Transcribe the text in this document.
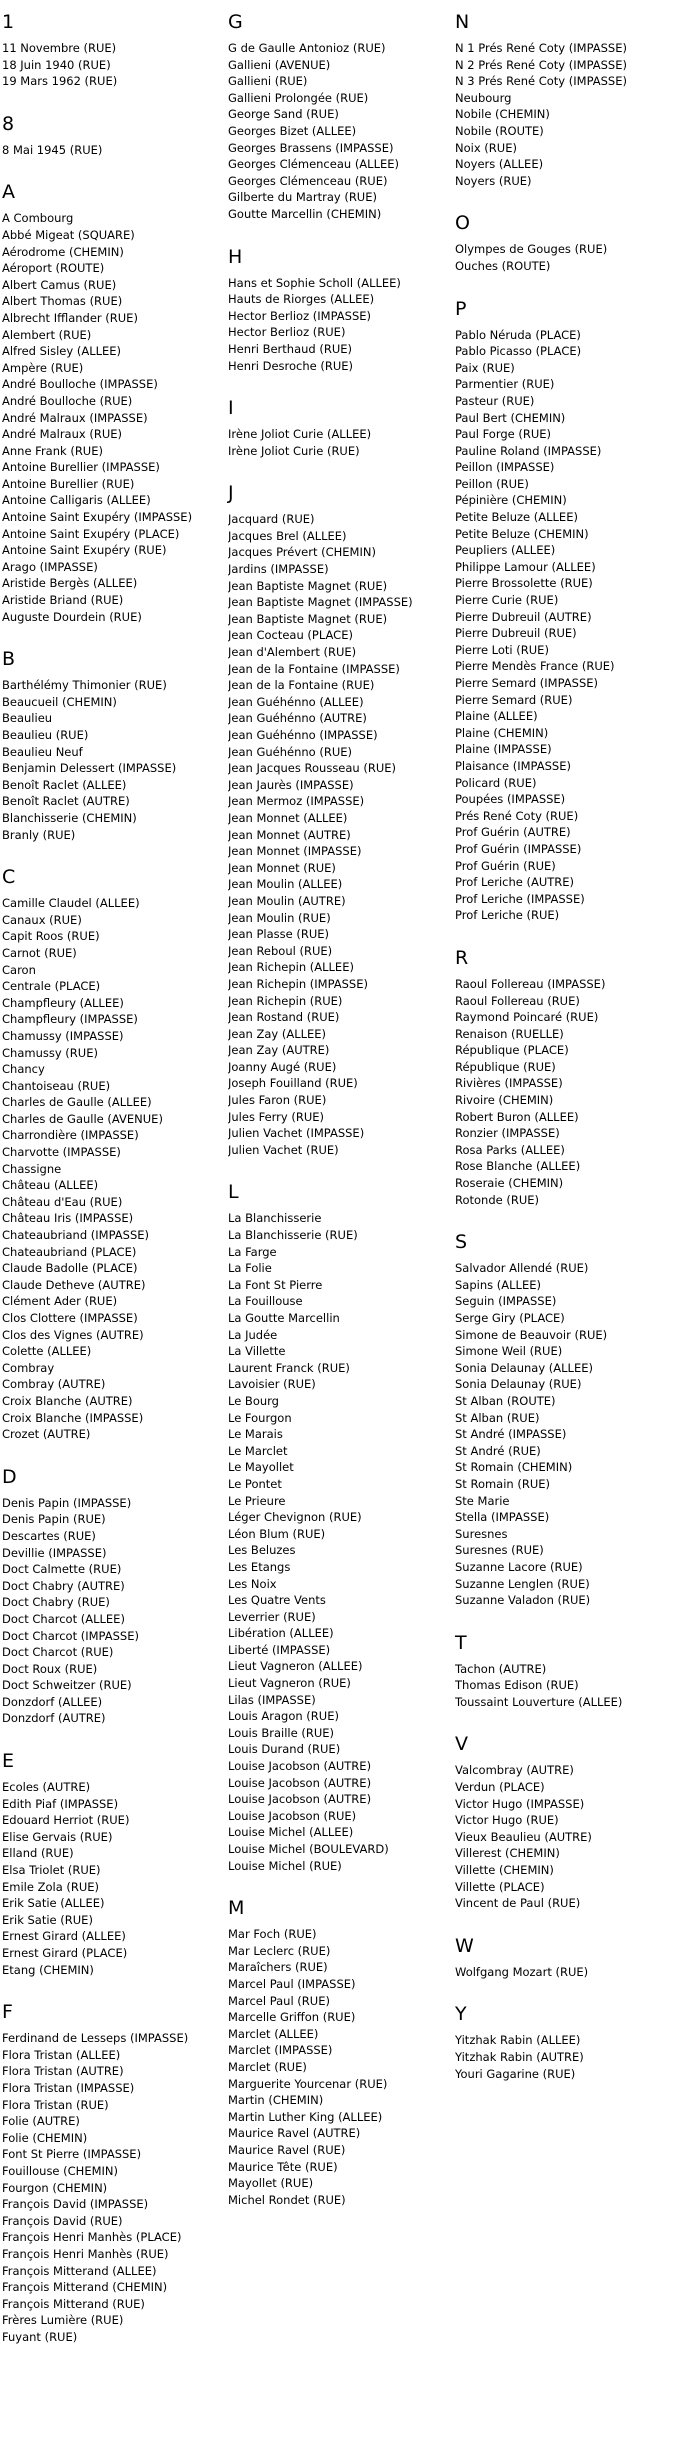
1
11 Novembre (RUE)
18 Juin 1940 (RUE)
19 Mars 1962 (RUE)
8
8 Mai 1945 (RUE)
A
A Combourg
Abbé Migeat (SQUARE)
Aérodrome (CHEMIN)
Aéroport (ROUTE)
Albert Camus (RUE)
Albert Thomas (RUE)
Albrecht Ifflander (RUE)
Alembert (RUE)
Alfred Sisley (ALLEE)
Ampère (RUE)
André Boulloche (IMPASSE)
André Boulloche (RUE)
André Malraux (IMPASSE)
André Malraux (RUE)
Anne Frank (RUE)
Antoine Burellier (IMPASSE)
Antoine Burellier (RUE)
Antoine Calligaris (ALLEE)
Antoine Saint Exupéry (IMPASSE)
Antoine Saint Exupéry (PLACE)
Antoine Saint Exupéry (RUE)
Arago (IMPASSE)
Aristide Bergès (ALLEE)
Aristide Briand (RUE)
Auguste Dourdein (RUE)
B
Barthélémy Thimonier (RUE)
Beaucueil (CHEMIN)
Beaulieu
Beaulieu (RUE)
Beaulieu Neuf
Benjamin Delessert (IMPASSE)
Benoît Raclet (ALLEE)
Benoît Raclet (AUTRE)
Blanchisserie (CHEMIN)
Branly (RUE)
C
Camille Claudel (ALLEE)
Canaux (RUE)
Capit Roos (RUE)
Carnot (RUE)
Caron
Centrale (PLACE)
Champfleury (ALLEE)
Champfleury (IMPASSE)
Chamussy (IMPASSE)
Chamussy (RUE)
Chancy
Chantoiseau (RUE)
Charles de Gaulle (ALLEE)
Charles de Gaulle (AVENUE)
Charrondière (IMPASSE)
Charvotte (IMPASSE)
Chassigne
Château (ALLEE)
Château d'Eau (RUE)
Château Iris (IMPASSE)
Chateaubriand (IMPASSE)
Chateaubriand (PLACE)
Claude Badolle (PLACE)
Claude Detheve (AUTRE)
Clément Ader (RUE)
Clos Clottere (IMPASSE)
Clos des Vignes (AUTRE)
Colette (ALLEE)
Combray
Combray (AUTRE)
Croix Blanche (AUTRE)
Croix Blanche (IMPASSE)
Crozet (AUTRE)
D
Denis Papin (IMPASSE)
Denis Papin (RUE)
Descartes (RUE)
Devillie (IMPASSE)
Doct Calmette (RUE)
Doct Chabry (AUTRE)
Doct Chabry (RUE)
Doct Charcot (ALLEE)
Doct Charcot (IMPASSE)
Doct Charcot (RUE)
Doct Roux (RUE)
Doct Schweitzer (RUE)
Donzdorf (ALLEE)
Donzdorf (AUTRE)
E
Ecoles (AUTRE)
Edith Piaf (IMPASSE)
Edouard Herriot (RUE)
Elise Gervais (RUE)
Elland (RUE)
Elsa Triolet (RUE)
Emile Zola (RUE)
Erik Satie (ALLEE)
Erik Satie (RUE)
Ernest Girard (ALLEE)
Ernest Girard (PLACE)
Etang (CHEMIN)
F
Ferdinand de Lesseps (IMPASSE)
Flora Tristan (ALLEE)
Flora Tristan (AUTRE)
Flora Tristan (IMPASSE)
Flora Tristan (RUE)
Folie (AUTRE)
Folie (CHEMIN)
Font St Pierre (IMPASSE)
Fouillouse (CHEMIN)
Fourgon (CHEMIN)
François David (IMPASSE)
François David (RUE)
François Henri Manhès (PLACE)
François Henri Manhès (RUE)
François Mitterand (ALLEE)
François Mitterand (CHEMIN)
François Mitterand (RUE)
Frères Lumière (RUE)
Fuyant (RUE)
G
G de Gaulle Antonioz (RUE)
Gallieni (AVENUE)
Gallieni (RUE)
Gallieni Prolongée (RUE)
George Sand (RUE)
Georges Bizet (ALLEE)
Georges Brassens (IMPASSE)
Georges Clémenceau (ALLEE)
Georges Clémenceau (RUE)
Gilberte du Martray (RUE)
Goutte Marcellin (CHEMIN)
H
Hans et Sophie Scholl (ALLEE)
Hauts de Riorges (ALLEE)
Hector Berlioz (IMPASSE)
Hector Berlioz (RUE)
Henri Berthaud (RUE)
Henri Desroche (RUE)
I
Irène Joliot Curie (ALLEE)
Irène Joliot Curie (RUE)
J
Jacquard (RUE)
Jacques Brel (ALLEE)
Jacques Prévert (CHEMIN)
Jardins (IMPASSE)
Jean Baptiste Magnet (RUE)
Jean Baptiste Magnet (IMPASSE)
Jean Baptiste Magnet (RUE)
Jean Cocteau (PLACE)
Jean d'Alembert (RUE)
Jean de la Fontaine (IMPASSE)
Jean de la Fontaine (RUE)
Jean Guéhénno (ALLEE)
Jean Guéhénno (AUTRE)
Jean Guéhénno (IMPASSE)
Jean Guéhénno (RUE)
Jean Jacques Rousseau (RUE)
Jean Jaurès (IMPASSE)
Jean Mermoz (IMPASSE)
Jean Monnet (ALLEE)
Jean Monnet (AUTRE)
Jean Monnet (IMPASSE)
Jean Monnet (RUE)
Jean Moulin (ALLEE)
Jean Moulin (AUTRE)
Jean Moulin (RUE)
Jean Plasse (RUE)
Jean Reboul (RUE)
Jean Richepin (ALLEE)
Jean Richepin (IMPASSE)
Jean Richepin (RUE)
Jean Rostand (RUE)
Jean Zay (ALLEE)
Jean Zay (AUTRE)
Joanny Augé (RUE)
Joseph Fouilland (RUE)
Jules Faron (RUE)
Jules Ferry (RUE)
Julien Vachet (IMPASSE)
Julien Vachet (RUE)
L
La Blanchisserie
La Blanchisserie (RUE)
La Farge
La Folie
La Font St Pierre
La Fouillouse
La Goutte Marcellin
La Judée
La Villette
Laurent Franck (RUE)
Lavoisier (RUE)
Le Bourg
Le Fourgon
Le Marais
Le Marclet
Le Mayollet
Le Pontet
Le Prieure
Léger Chevignon (RUE)
Léon Blum (RUE)
Les Beluzes
Les Etangs
Les Noix
Les Quatre Vents
Leverrier (RUE)
Libération (ALLEE)
Liberté (IMPASSE)
Lieut Vagneron (ALLEE)
Lieut Vagneron (RUE)
Lilas (IMPASSE)
Louis Aragon (RUE)
Louis Braille (RUE)
Louis Durand (RUE)
Louise Jacobson (AUTRE)
Louise Jacobson (AUTRE)
Louise Jacobson (AUTRE)
Louise Jacobson (RUE)
Louise Michel (ALLEE)
Louise Michel (BOULEVARD)
Louise Michel (RUE)
M
Mar Foch (RUE)
Mar Leclerc (RUE)
Maraîchers (RUE)
Marcel Paul (IMPASSE)
Marcel Paul (RUE)
Marcelle Griffon (RUE)
Marclet (ALLEE)
Marclet (IMPASSE)
Marclet (RUE)
Marguerite Yourcenar (RUE)
Martin (CHEMIN)
Martin Luther King (ALLEE)
Maurice Ravel (AUTRE)
Maurice Ravel (RUE)
Maurice Tête (RUE)
Mayollet (RUE)
Michel Rondet (RUE)
N
N 1 Prés René Coty (IMPASSE)
N 2 Prés René Coty (IMPASSE)
N 3 Prés René Coty (IMPASSE)
Neubourg
Nobile (CHEMIN)
Nobile (ROUTE)
Noix (RUE)
Noyers (ALLEE)
Noyers (RUE)
O
Olympes de Gouges (RUE)
Ouches (ROUTE)
P
Pablo Néruda (PLACE)
Pablo Picasso (PLACE)
Paix (RUE)
Parmentier (RUE)
Pasteur (RUE)
Paul Bert (CHEMIN)
Paul Forge (RUE)
Pauline Roland (IMPASSE)
Peillon (IMPASSE)
Peillon (RUE)
Pépinière (CHEMIN)
Petite Beluze (ALLEE)
Petite Beluze (CHEMIN)
Peupliers (ALLEE)
Philippe Lamour (ALLEE)
Pierre Brossolette (RUE)
Pierre Curie (RUE)
Pierre Dubreuil (AUTRE)
Pierre Dubreuil (RUE)
Pierre Loti (RUE)
Pierre Mendès France (RUE)
Pierre Semard (IMPASSE)
Pierre Semard (RUE)
Plaine (ALLEE)
Plaine (CHEMIN)
Plaine (IMPASSE)
Plaisance (IMPASSE)
Policard (RUE)
Poupées (IMPASSE)
Prés René Coty (RUE)
Prof Guérin (AUTRE)
Prof Guérin (IMPASSE)
Prof Guérin (RUE)
Prof Leriche (AUTRE)
Prof Leriche (IMPASSE)
Prof Leriche (RUE)
R
Raoul Follereau (IMPASSE)
Raoul Follereau (RUE)
Raymond Poincaré (RUE)
Renaison (RUELLE)
République (PLACE)
République (RUE)
Rivières (IMPASSE)
Rivoire (CHEMIN)
Robert Buron (ALLEE)
Ronzier (IMPASSE)
Rosa Parks (ALLEE)
Rose Blanche (ALLEE)
Roseraie (CHEMIN)
Rotonde (RUE)
S
Salvador Allendé (RUE)
Sapins (ALLEE)
Seguin (IMPASSE)
Serge Giry (PLACE)
Simone de Beauvoir (RUE)
Simone Weil (RUE)
Sonia Delaunay (ALLEE)
Sonia Delaunay (RUE)
St Alban (ROUTE)
St Alban (RUE)
St André (IMPASSE)
St André (RUE)
St Romain (CHEMIN)
St Romain (RUE)
Ste Marie
Stella (IMPASSE)
Suresnes
Suresnes (RUE)
Suzanne Lacore (RUE)
Suzanne Lenglen (RUE)
Suzanne Valadon (RUE)
T
Tachon (AUTRE)
Thomas Edison (RUE)
Toussaint Louverture (ALLEE)
V
Valcombray (AUTRE)
Verdun (PLACE)
Victor Hugo (IMPASSE)
Victor Hugo (RUE)
Vieux Beaulieu (AUTRE)
Villerest (CHEMIN)
Villette (CHEMIN)
Villette (PLACE)
Vincent de Paul (RUE)
W
Wolfgang Mozart (RUE)
Y
Yitzhak Rabin (ALLEE)
Yitzhak Rabin (AUTRE)
Youri Gagarine (RUE)
